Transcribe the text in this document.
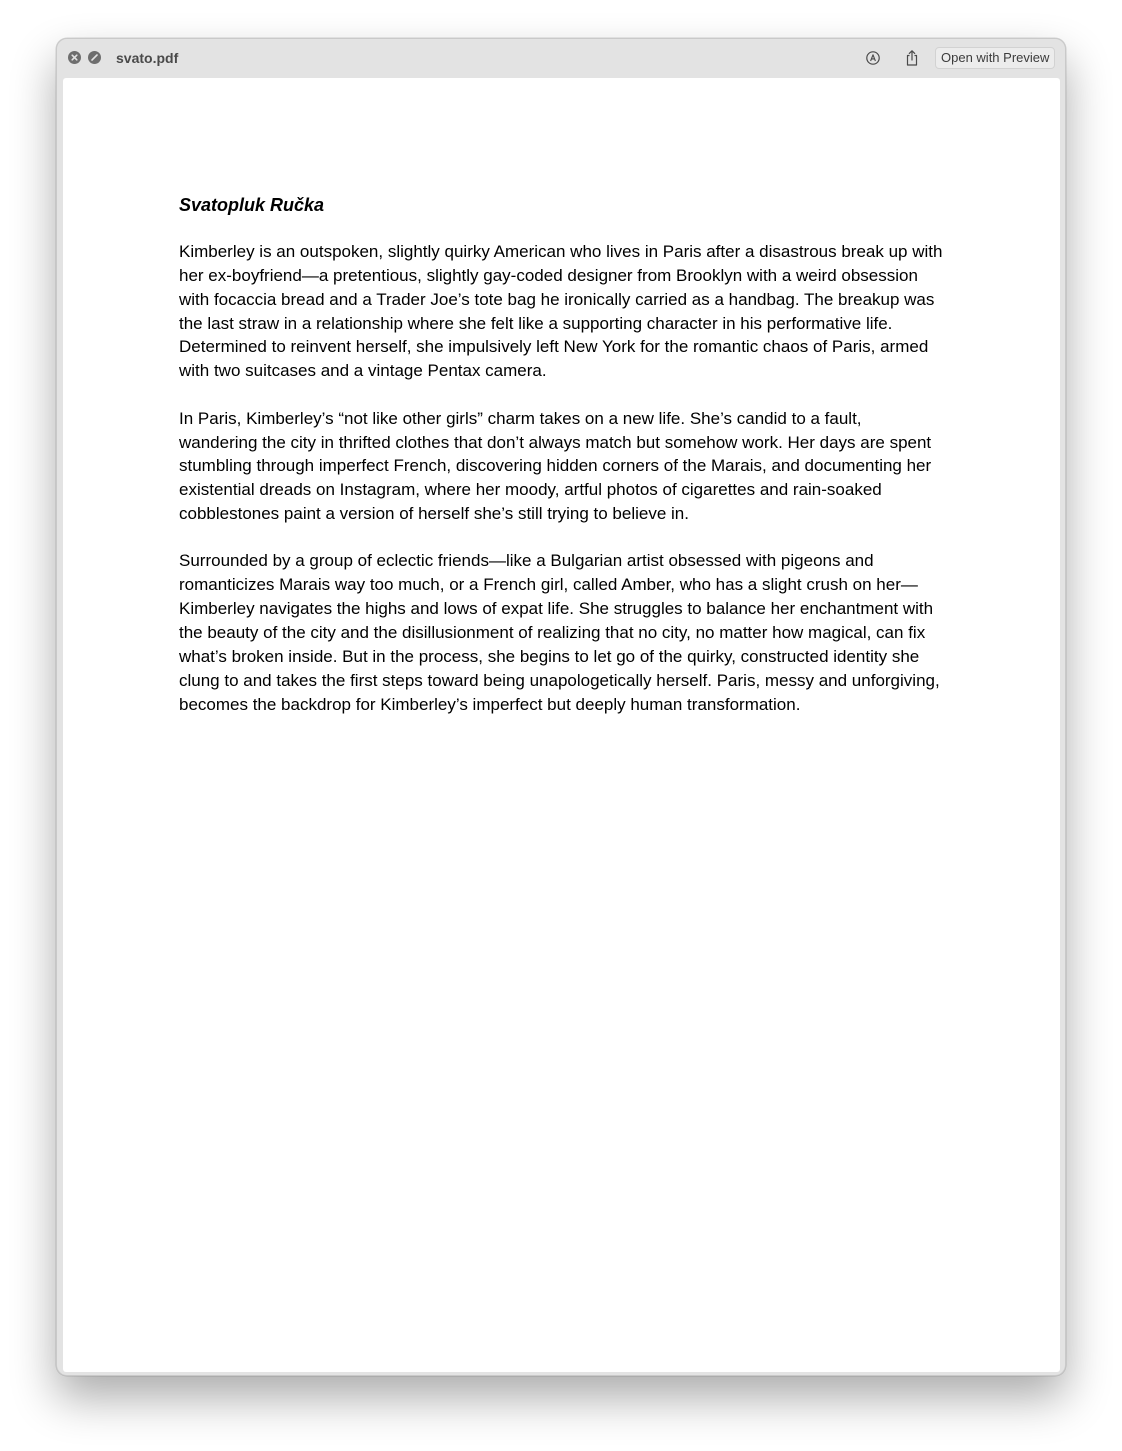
svato.pdf	Open with Preview
Svatopluk Ručka

Kimberley is an outspoken, slightly quirky American who lives in Paris after a disastrous break up with her ex-boyfriend—a pretentious, slightly gay-coded designer from Brooklyn with a weird obsession with focaccia bread and a Trader Joe’s tote bag he ironically carried as a handbag. The breakup was the last straw in a relationship where she felt like a supporting character in his performative life. Determined to reinvent herself, she impulsively left New York for the romantic chaos of Paris, armed with two suitcases and a vintage Pentax camera.

In Paris, Kimberley’s “not like other girls” charm takes on a new life. She’s candid to a fault, wandering the city in thrifted clothes that don’t always match but somehow work. Her days are spent stumbling through imperfect French, discovering hidden corners of the Marais, and documenting her existential dreads on Instagram, where her moody, artful photos of cigarettes and rain-soaked cobblestones paint a version of herself she’s still trying to believe in.

Surrounded by a group of eclectic friends—like a Bulgarian artist obsessed with pigeons and romanticizes Marais way too much, or a French girl, called Amber, who has a slight crush on her—Kimberley navigates the highs and lows of expat life. She struggles to balance her enchantment with the beauty of the city and the disillusionment of realizing that no city, no matter how magical, can fix what’s broken inside. But in the process, she begins to let go of the quirky, constructed identity she clung to and takes the first steps toward being unapologetically herself. Paris, messy and unforgiving, becomes the backdrop for Kimberley’s imperfect but deeply human transformation.
